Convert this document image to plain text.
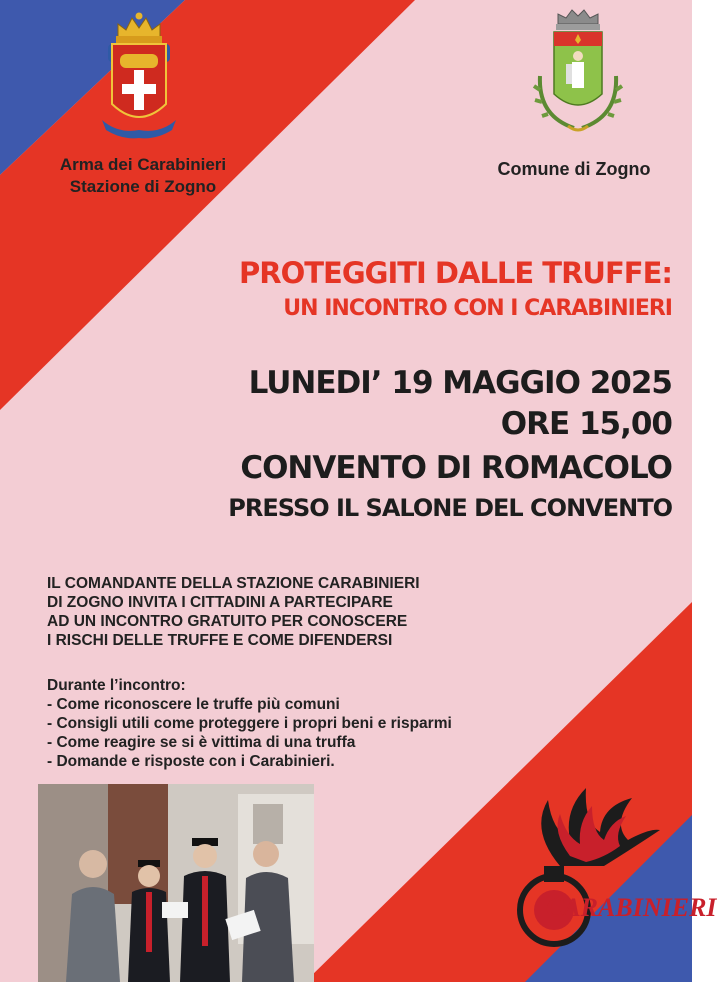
Arma dei Carabinieri
Stazione di Zogno
Comune di Zogno
PROTEGGITI DALLE TRUFFE:
UN INCONTRO CON I CARABINIERI
LUNEDI’ 19 MAGGIO 2025
ORE 15,00
CONVENTO DI ROMACOLO
PRESSO IL SALONE DEL CONVENTO
IL COMANDANTE DELLA STAZIONE CARABINIERI
DI ZOGNO INVITA I CITTADINI A PARTECIPARE
AD UN INCONTRO GRATUITO PER CONOSCERE
I RISCHI DELLE TRUFFE E COME DIFENDERSI
Durante l’incontro:
- Come riconoscere le truffe più comuni
- Consigli utili come proteggere i propri beni e risparmi
- Come reagire se si è vittima di una truffa
- Domande e risposte con i Carabinieri.
CARABINIERI
